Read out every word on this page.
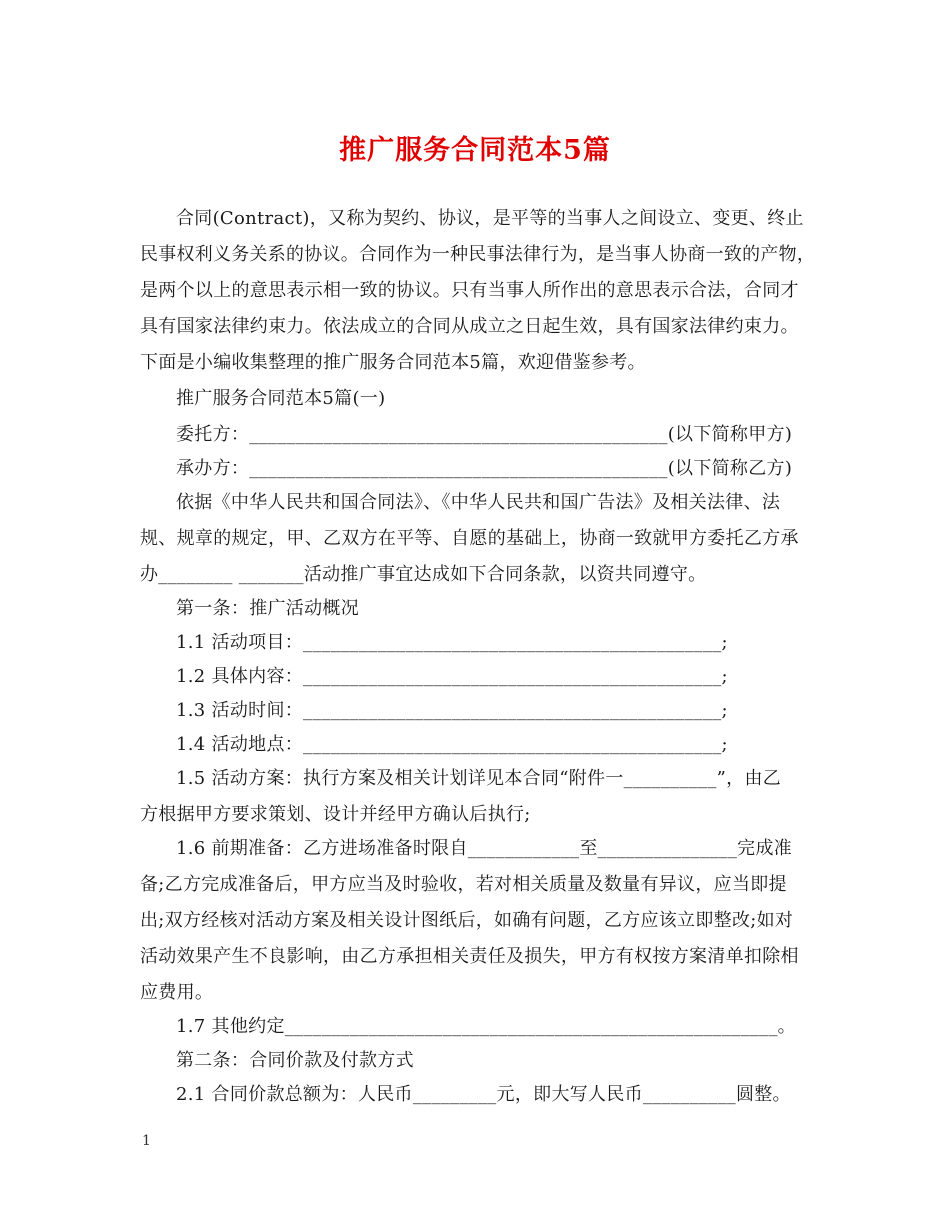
推广服务合同范本5篇
合同(Contract)，又称为契约、协议，是平等的当事人之间设立、变更、终止
民事权利义务关系的协议。合同作为一种民事法律行为，是当事人协商一致的产物，
是两个以上的意思表示相一致的协议。只有当事人所作出的意思表示合法，合同才
具有国家法律约束力。依法成立的合同从成立之日起生效，具有国家法律约束力。
下面是小编收集整理的推广服务合同范本5篇，欢迎借鉴参考。
推广服务合同范本5篇(一)
委托方：_____________________________________________(以下简称甲方)
承办方：_____________________________________________(以下简称乙方)
依据《中华人民共和国合同法》、《中华人民共和国广告法》及相关法律、法
规、规章的规定，甲、乙双方在平等、自愿的基础上，协商一致就甲方委托乙方承
办________ _______活动推广事宜达成如下合同条款，以资共同遵守。
第一条：推广活动概况
1.1 活动项目：_____________________________________________;
1.2 具体内容：_____________________________________________;
1.3 活动时间：_____________________________________________;
1.4 活动地点：_____________________________________________;
1.5 活动方案：执行方案及相关计划详见本合同“附件一__________”，由乙
方根据甲方要求策划、设计并经甲方确认后执行;
1.6 前期准备：乙方进场准备时限自____________至_______________完成准
备;乙方完成准备后，甲方应当及时验收，若对相关质量及数量有异议，应当即提
出;双方经核对活动方案及相关设计图纸后，如确有问题，乙方应该立即整改;如对
活动效果产生不良影响，由乙方承担相关责任及损失，甲方有权按方案清单扣除相
应费用。
1.7 其他约定_____________________________________________________。
第二条：合同价款及付款方式
2.1 合同价款总额为：人民币_________元，即大写人民币__________圆整。
1
